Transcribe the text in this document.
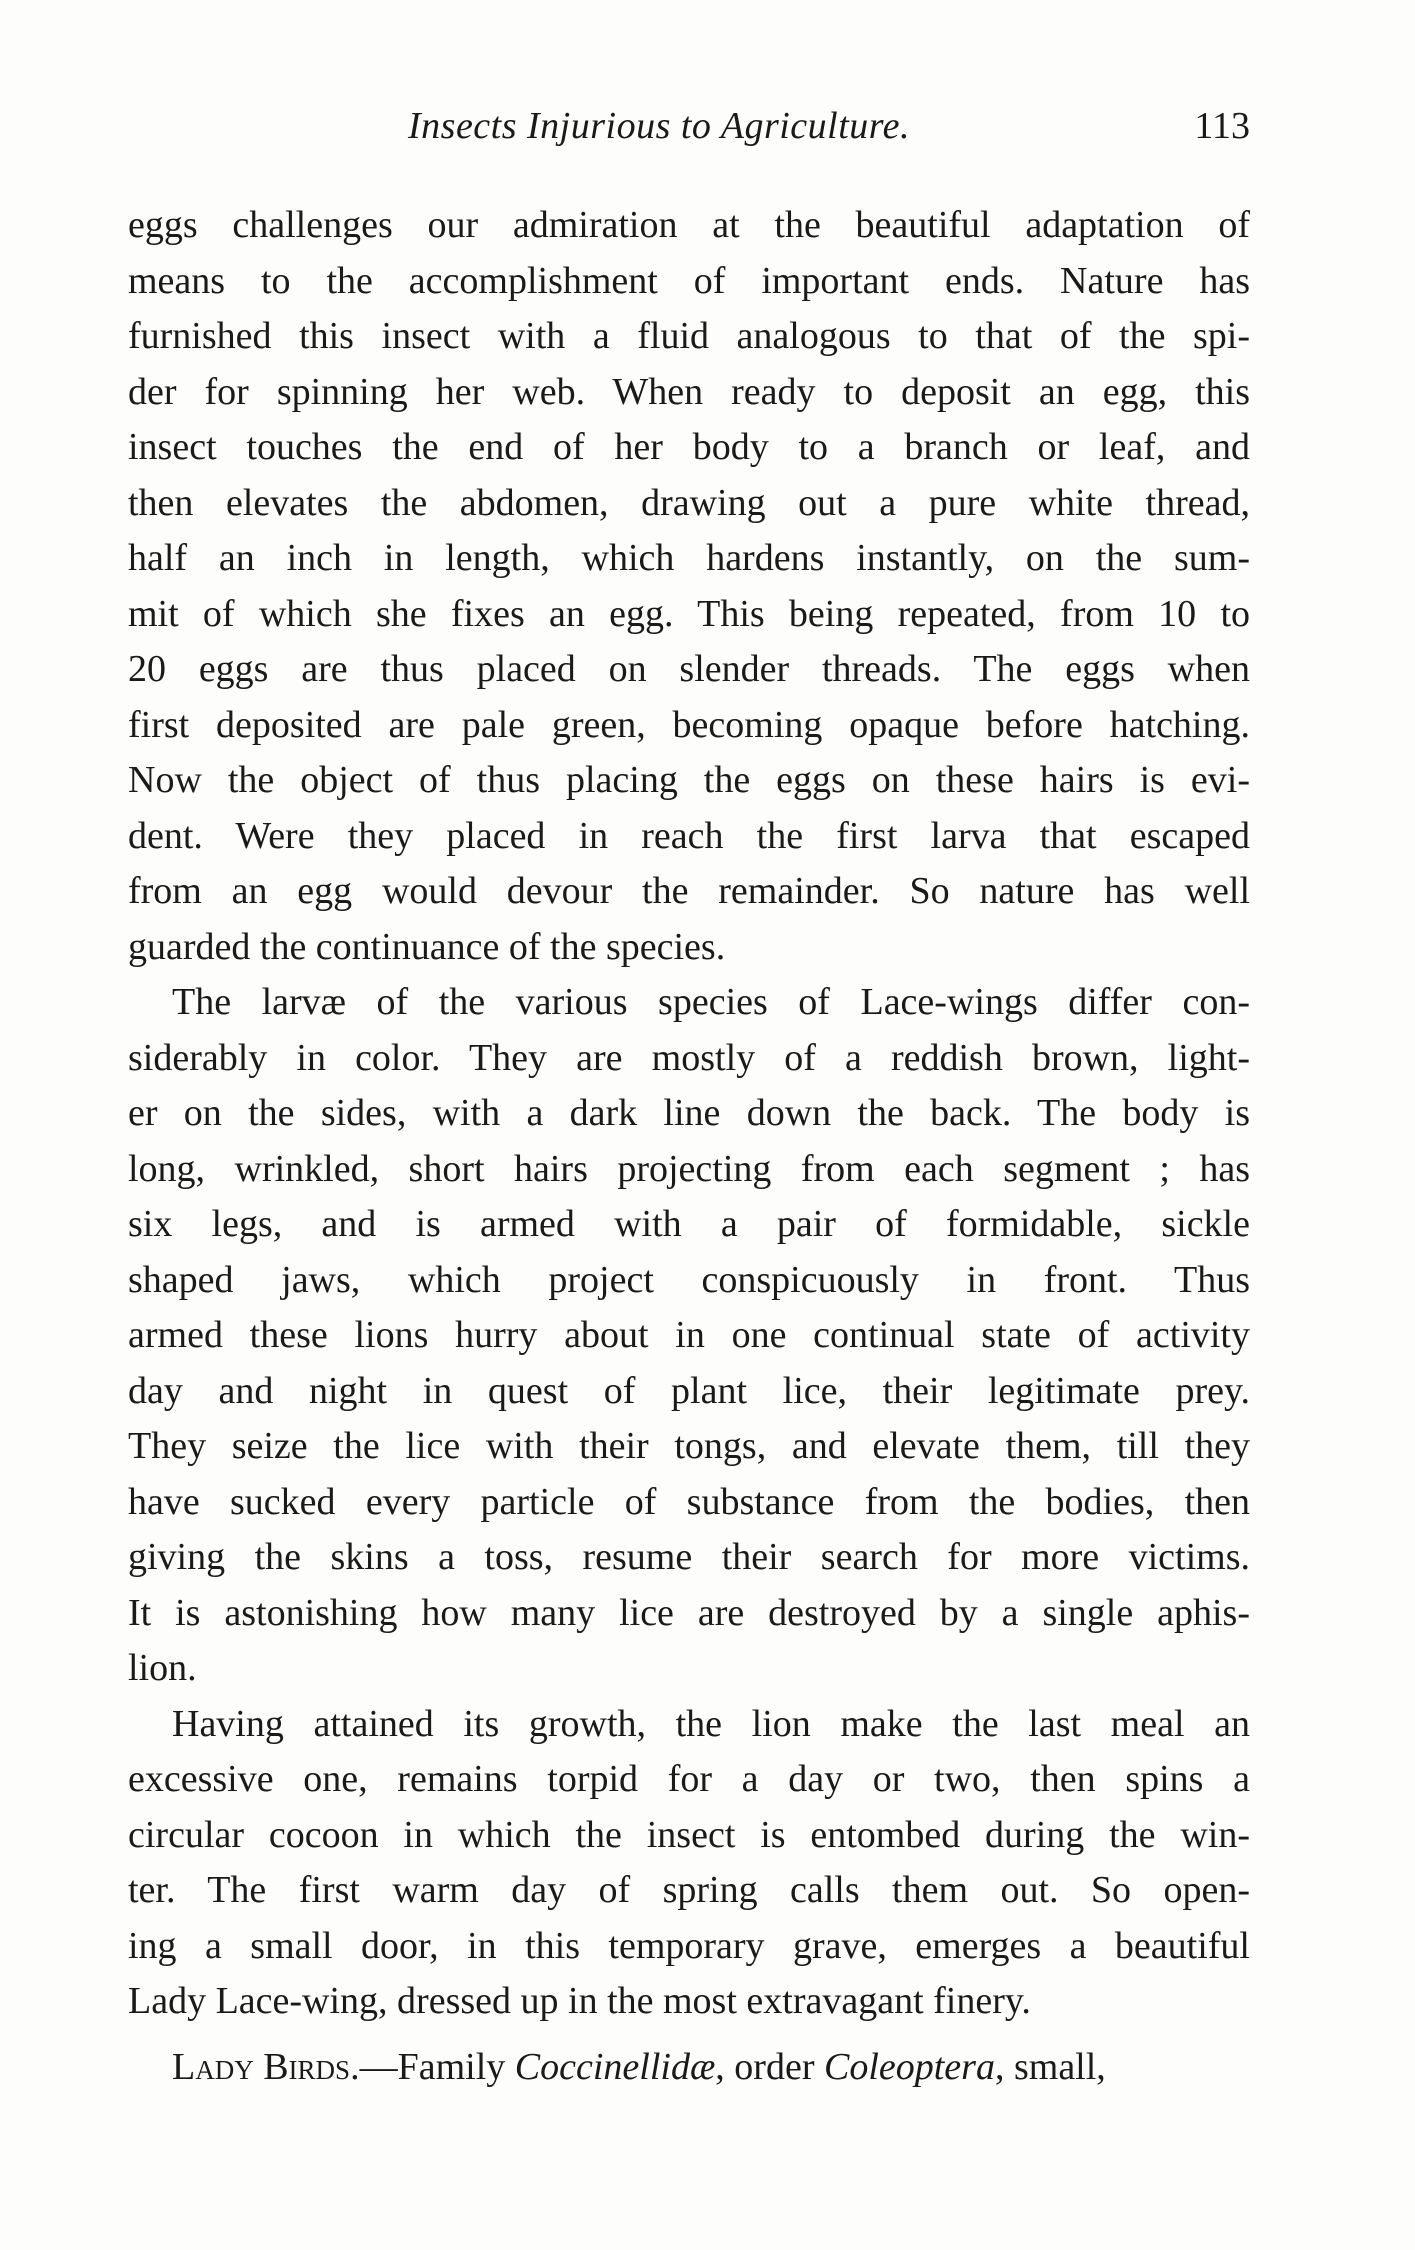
Insects Injurious to Agriculture.	113
eggs challenges our admiration at the beautiful adaptation of
means to the accomplishment of important ends. Nature has
furnished this insect with a fluid analogous to that of the spi-
der for spinning her web. When ready to deposit an egg, this
insect touches the end of her body to a branch or leaf, and
then elevates the abdomen, drawing out a pure white thread,
half an inch in length, which hardens instantly, on the sum-
mit of which she fixes an egg. This being repeated, from 10 to
20 eggs are thus placed on slender threads. The eggs when
first deposited are pale green, becoming opaque before hatching.
Now the object of thus placing the eggs on these hairs is evi-
dent. Were they placed in reach the first larva that escaped
from an egg would devour the remainder. So nature has well
guarded the continuance of the species.
The larvæ of the various species of Lace-wings differ con-
siderably in color. They are mostly of a reddish brown, light-
er on the sides, with a dark line down the back. The body is
long, wrinkled, short hairs projecting from each segment ; has
six legs, and is armed with a pair of formidable, sickle
shaped jaws, which project conspicuously in front. Thus
armed these lions hurry about in one continual state of activity
day and night in quest of plant lice, their legitimate prey.
They seize the lice with their tongs, and elevate them, till they
have sucked every particle of substance from the bodies, then
giving the skins a toss, resume their search for more victims.
It is astonishing how many lice are destroyed by a single aphis-
lion.
Having attained its growth, the lion make the last meal an
excessive one, remains torpid for a day or two, then spins a
circular cocoon in which the insect is entombed during the win-
ter. The first warm day of spring calls them out. So open-
ing a small door, in this temporary grave, emerges a beautiful
Lady Lace-wing, dressed up in the most extravagant finery.
Lady Birds.—Family Coccinellidæ, order Coleoptera, small,
